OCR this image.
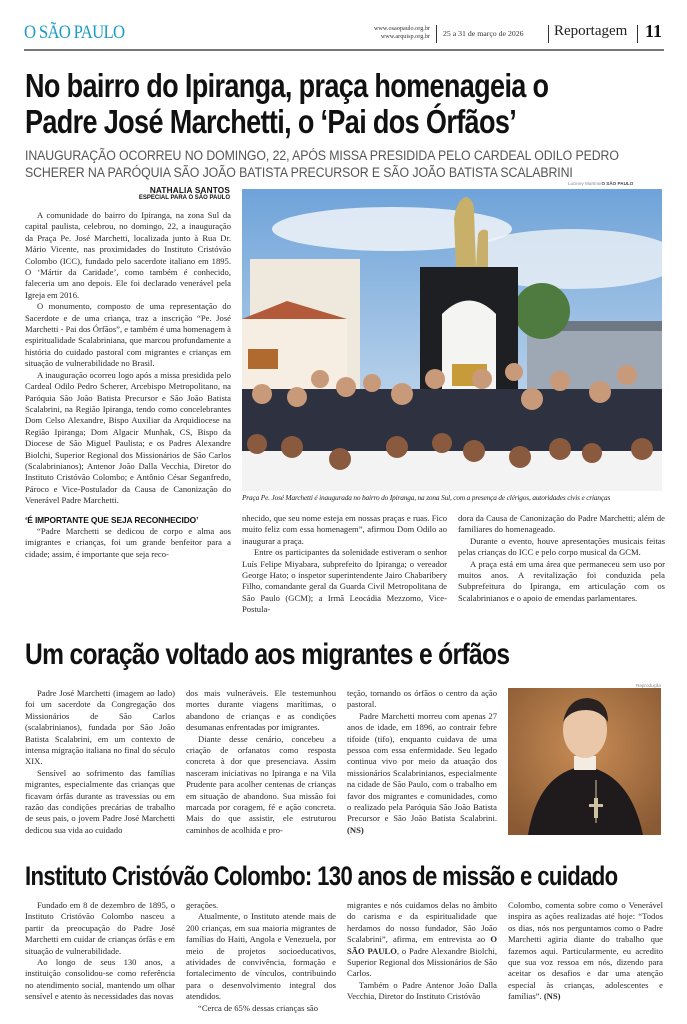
O SÃO PAULO	www.osaopaulo.org.br
www.arquisp.org.br 25 a 31 de março de 2026 Reportagem 11
No bairro do Ipiranga, praça homenageia o
Padre José Marchetti, o ‘Pai dos Órfãos’
INAUGURAÇÃO OCORREU NO DOMINGO, 22, APÓS MISSA PRESIDIDA PELO CARDEAL ODILO PEDRO
SCHERER NA PARÓQUIA SÃO JOÃO BATISTA PRECURSOR E SÃO JOÃO BATISTA SCALABRINI
Luciney Martins/O SÃO PAULO
NATHALIA SANTOS
ESPECIAL PARA O SÃO PAULO

A comunidade do bairro do Ipiranga, na zona Sul da capital paulista, celebrou, no domingo, 22, a inauguração da Praça Pe. José Marchetti, localizada junto à Rua Dr. Mário Vicente, nas proximidades do Instituto Cristóvão Colombo (ICC), fundado pelo sacerdote italiano em 1895. O ‘Mártir da Caridade’, como também é conhecido, faleceria um ano depois. Ele foi declarado venerável pela Igreja em 2016.

O monumento, composto de uma representação do Sacerdote e de uma criança, traz a inscrição “Pe. José Marchetti - Pai dos Órfãos”, e também é uma homenagem à espiritualidade Scalabriniana, que marcou profundamente a história do cuidado pastoral com migrantes e crianças em situação de vulnerabilidade no Brasil.

A inauguração ocorreu logo após a missa presidida pelo Cardeal Odilo Pedro Scherer, Arcebispo Metropolitano, na Paróquia São João Batista Precursor e São João Batista Scalabrini, na Região Ipiranga, tendo como concelebrantes Dom Celso Alexandre, Bispo Auxiliar da Arquidiocese na Região Ipiranga; Dom Algacir Munhak, CS, Bispo da Diocese de São Miguel Paulista; e os Padres Alexandre Biolchi, Superior Regional dos Missionários de São Carlos (Scalabrinianos); Antenor João Dalla Vecchia, Diretor do Instituto Cristóvão Colombo; e Antônio César Seganfredo, Pároco e Vice-Postulador da Causa de Canonização do Venerável Padre Marchetti.

‘É IMPORTANTE QUE SEJA RECONHECIDO’

“Padre Marchetti se dedicou de corpo e alma aos imigrantes e crianças, foi um grande benfeitor para a cidade; assim, é importante que seja reco-

Praça Pe. José Marchetti é inaugurada no bairro do Ipiranga, na zona Sul, com a presença de clérigos, autoridades civis e crianças

nhecido, que seu nome esteja em nossas praças e ruas. Fico muito feliz com essa homenagem”, afirmou Dom Odilo ao inaugurar a praça.

Entre os participantes da solenidade estiveram o senhor Luís Felipe Miyabara, subprefeito do Ipiranga; o vereador George Hato; o inspetor superintendente Jairo Chabaribery Filho, comandante geral da Guarda Civil Metropolitana de São Paulo (GCM); a Irmã Leocádia Mezzomo, Vice-Postula-

dora da Causa de Canonização do Padre Marchetti; além de familiares do homenageado.

Durante o evento, houve apresentações musicais feitas pelas crianças do ICC e pelo corpo musical da GCM.

A praça está em uma área que permaneceu sem uso por muitos anos. A revitalização foi conduzida pela Subprefeitura do Ipiranga, em articulação com os Scalabrinianos e o apoio de emendas parlamentares.

Um coração voltado aos migrantes e órfãos

Padre José Marchetti (imagem ao lado) foi um sacerdote da Congregação dos Missionários de São Carlos (scalabrinianos), fundada por São João Batista Scalabrini, em um contexto de intensa migração italiana no final do século XIX.

Sensível ao sofrimento das famílias migrantes, especialmente das crianças que ficavam órfãs durante as travessias ou em razão das condições precárias de trabalho de seus pais, o jovem Padre José Marchetti dedicou sua vida ao cuidado

dos mais vulneráveis. Ele testemunhou mortes durante viagens marítimas, o abandono de crianças e as condições desumanas enfrentadas por imigrantes.

Diante desse cenário, concebeu a criação de orfanatos como resposta concreta à dor que presenciava. Assim nasceram iniciativas no Ipiranga e na Vila Prudente para acolher centenas de crianças em situação de abandono. Sua missão foi marcada por coragem, fé e ação concreta. Mais do que assistir, ele estruturou caminhos de acolhida e pro-

teção, tornando os órfãos o centro da ação pastoral.

Padre Marchetti morreu com apenas 27 anos de idade, em 1896, ao contrair febre tifoide (tifo), enquanto cuidava de uma pessoa com essa enfermidade. Seu legado continua vivo por meio da atuação dos missionários Scalabrinianos, especialmente na cidade de São Paulo, com o trabalho em favor dos migrantes e comunidades, como o realizado pela Paróquia São João Batista Precursor e São João Batista Scalabrini. (NS)

Reprodução
Instituto Cristóvão Colombo: 130 anos de missão e cuidado

Fundado em 8 de dezembro de 1895, o Instituto Cristóvão Colombo nasceu a partir da preocupação do Padre José Marchetti em cuidar de crianças órfãs e em situação de vulnerabilidade.

Ao longo de seus 130 anos, a instituição consolidou-se como referência no atendimento social, mantendo um olhar sensível e atento às necessidades das novas

gerações.

Atualmente, o Instituto atende mais de 200 crianças, em sua maioria migrantes de famílias do Haiti, Angola e Venezuela, por meio de projetos socioeducativos, atividades de convivência, formação e fortalecimento de vínculos, contribuindo para o desenvolvimento integral dos atendidos.

“Cerca de 65% dessas crianças são

migrantes e nós cuidamos delas no âmbito do carisma e da espiritualidade que herdamos do nosso fundador, São João Scalabrini”, afirma, em entrevista ao O SÃO PAULO, o Padre Alexandre Biolchi, Superior Regional dos Missionários de São Carlos.

Também o Padre Antenor João Dalla Vecchia, Diretor do Instituto Cristóvão

Colombo, comenta sobre como o Venerável inspira as ações realizadas até hoje: “Todos os dias, nós nos perguntamos como o Padre Marchetti agiria diante do trabalho que fazemos aqui. Particularmente, eu acredito que sua voz ressoa em nós, dizendo para aceitar os desafios e dar uma atenção especial às crianças, adolescentes e famílias”. (NS)
